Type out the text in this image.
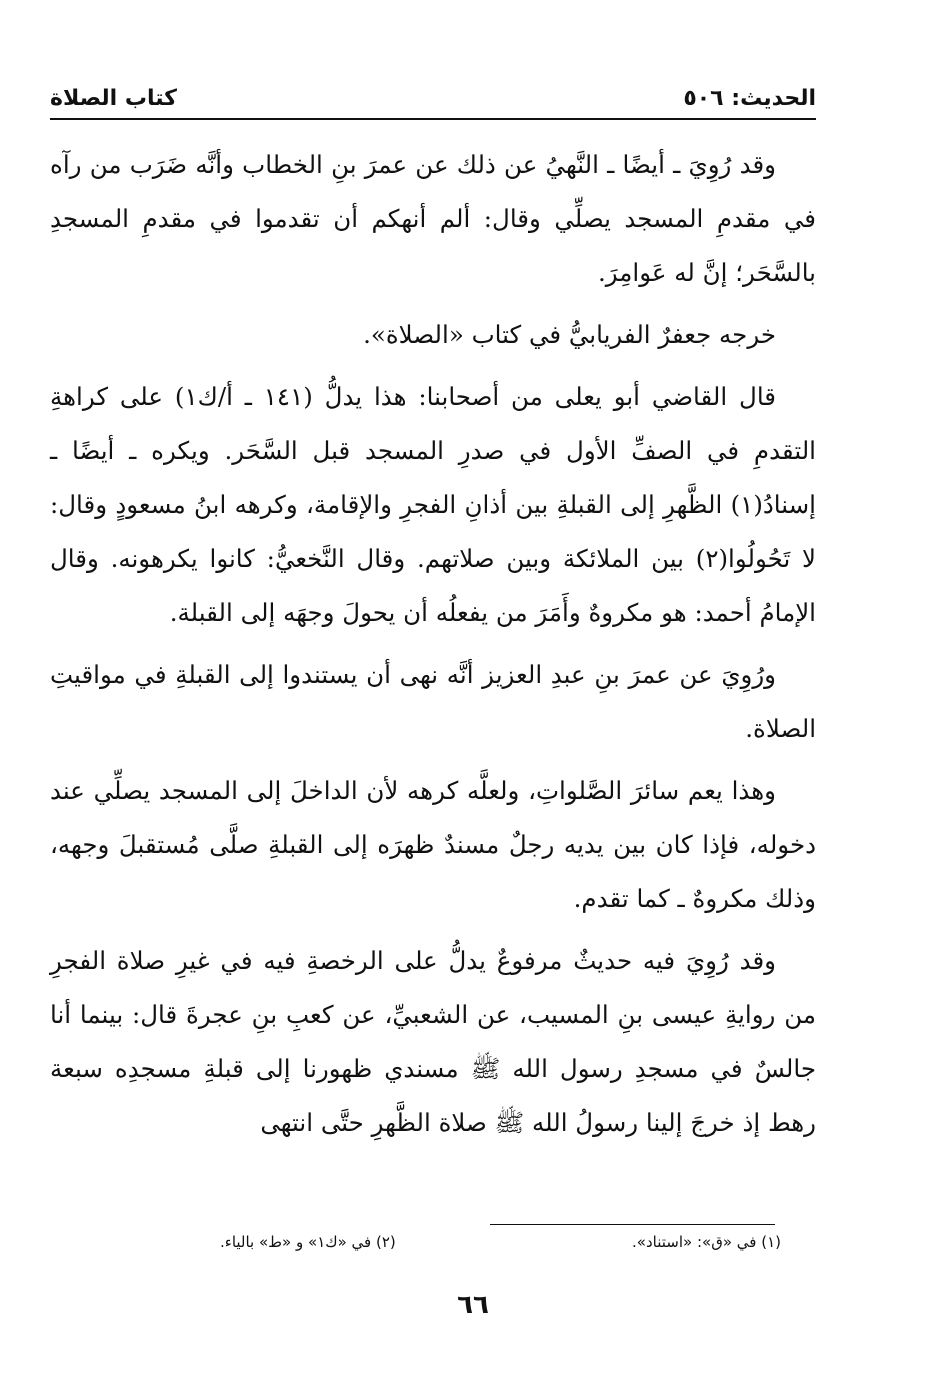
الحديث: ٥٠٦
كتاب الصلاة

وقد رُوِيَ ـ أيضًا ـ النَّهيُ عن ذلك عن عمرَ بنِ الخطاب وأنَّه ضَرَب من رآه في مقدمِ المسجد يصلِّي وقال: ألم أنهكم أن تقدموا في مقدمِ المسجدِ بالسَّحَر؛ إنَّ له عَوامِرَ.

خرجه جعفرٌ الفريابيُّ في كتاب «الصلاة».

قال القاضي أبو يعلى من أصحابنا: هذا يدلُّ (١٤١ ـ أ/ك١) على كراهةِ التقدمِ في الصفِّ الأول في صدرِ المسجد قبل السَّحَر. ويكره ـ أيضًا ـ إسنادُ(١) الظَّهرِ إلى القبلةِ بين أذانِ الفجرِ والإقامة، وكرهه ابنُ مسعودٍ وقال: لا تَحُولُوا(٢) بين الملائكة وبين صلاتهم. وقال النَّخعيُّ: كانوا يكرهونه. وقال الإمامُ أحمد: هو مكروهٌ وأَمَرَ من يفعلُه أن يحولَ وجهَه إلى القبلة.

ورُوِيَ عن عمرَ بنِ عبدِ العزيز أنَّه نهى أن يستندوا إلى القبلةِ في مواقيتِ الصلاة.

وهذا يعم سائرَ الصَّلواتِ، ولعلَّه كرهه لأن الداخلَ إلى المسجد يصلِّي عند دخوله، فإذا كان بين يديه رجلٌ مسندٌ ظهرَه إلى القبلةِ صلَّى مُستقبلَ وجهه، وذلك مكروهٌ ـ كما تقدم.

وقد رُوِيَ فيه حديثٌ مرفوعٌ يدلُّ على الرخصةِ فيه في غيرِ صلاة الفجرِ من روايةِ عيسى بنِ المسيب، عن الشعبيِّ، عن كعبِ بنِ عجرةَ قال: بينما أنا جالسٌ في مسجدِ رسول الله ﷺ مسندي ظهورنا إلى قبلةِ مسجدِه سبعة رهط إذ خرجَ إلينا رسولُ الله ﷺ صلاة الظَّهرِ حتَّى انتهى

(١) في «ق»: «استناد».
(٢) في «ك١» و «ط» بالياء.
٦٦
